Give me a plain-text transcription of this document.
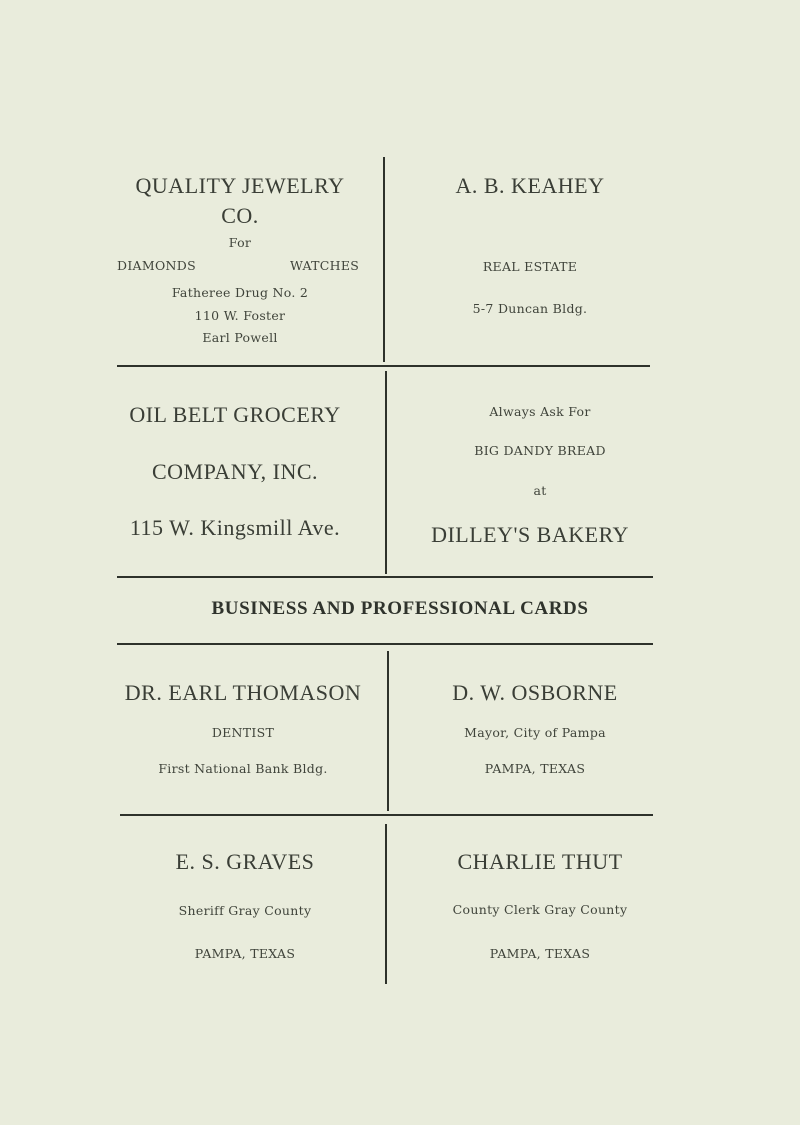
QUALITY JEWELRY
CO.
For
DIAMONDS	WATCHES
Fatheree Drug No. 2
110 W. Foster
Earl Powell
A. B. KEAHEY
REAL ESTATE
5-7 Duncan Bldg.
OIL BELT GROCERY
COMPANY, INC.
115 W. Kingsmill Ave.
Always Ask For
BIG DANDY BREAD
at
DILLEY'S BAKERY
BUSINESS AND PROFESSIONAL CARDS
DR. EARL THOMASON
DENTIST
First National Bank Bldg.
D. W. OSBORNE
Mayor, City of Pampa
PAMPA, TEXAS
E. S. GRAVES
Sheriff Gray County
PAMPA, TEXAS
CHARLIE THUT
County Clerk Gray County
PAMPA, TEXAS
